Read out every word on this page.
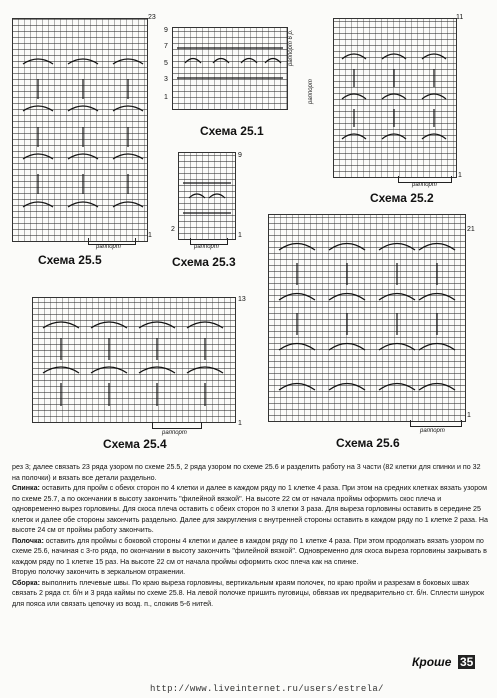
23
1
раппорт
Схема 25.5
9
7
5
3
1
раппорт 6 р.
раппорт
Схема 25.1
11
1
раппорт
Схема 25.2
9
2
1
раппорт
Схема 25.3
21
1
раппорт
Схема 25.6
13
1
раппорт
Схема 25.4

рез 3; далее связать 23 ряда узором по схеме 25.5, 2 ряда узором по схеме 25.6 и разделить работу на 3 части (82 клетки для спинки и по 32 на полочки) и вязать все детали раздельно.

Спинка: оставить для пройм с обеих сторон по 4 клетки и далее в каждом ряду по 1 клетке 4 раза. При этом на средних клетках вязать узором по схеме 25.7, а по окончании в высоту закончить "филейной вязкой". На высоте 22 см от начала проймы оформить скос плеча и одновременно вырез горловины. Для скоса плеча оставить с обеих сторон по 3 клетки 3 раза. Для выреза горловины оставить в середине 25 клеток и далее обе стороны закончить раздельно. Далее для закругления с внутренней стороны оставить в каждом ряду по 1 клетке 2 раза. На высоте 24 см от проймы работу закончить.

Полочка: оставить для проймы с боковой стороны 4 клетки и далее в каждом ряду по 1 клетке 4 раза. При этом продолжать вязать узором по схеме 25.6, начиная с 3-го ряда, по окончании в высоту закончить "филейной вязкой". Одновременно для скоса выреза горловины закрывать в каждом ряду по 1 клетке 15 раз. На высоте 22 см от начала проймы оформить скос плеча как на спинке.

Вторую полочку закончить в зеркальном отражении.

Сборка: выполнить плечевые швы. По краю выреза горловины, вертикальным краям полочек, по краю пройм и разрезам в боковых швах связать 2 ряда ст. б/н и 3 ряда каймы по схеме 25.8. На левой полочке пришить пуговицы, обвязав их предварительно ст. б/н. Сплести шнурок для пояса или связать цепочку из возд. п., сложив 5-6 нитей.

Кроше 35
http://www.liveinternet.ru/users/estrela/
